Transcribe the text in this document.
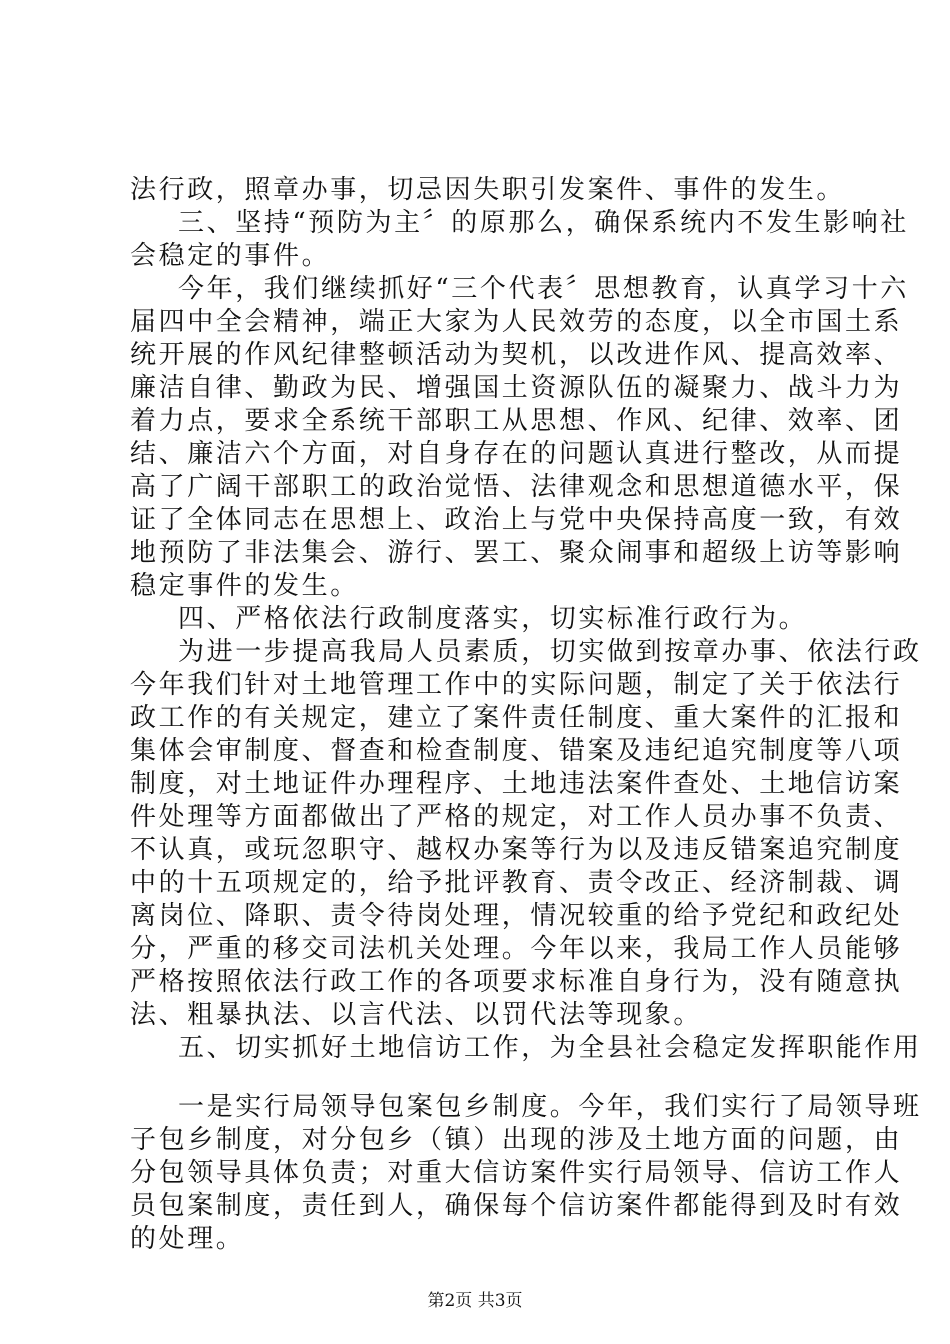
法行政，照章办事，切忌因失职引发案件、事件的发生。
三、坚持“预防为主〞的原那么，确保系统内不发生影响社
会稳定的事件。
今年，我们继续抓好“三个代表〞思想教育，认真学习十六
届四中全会精神，端正大家为人民效劳的态度，以全市国土系
统开展的作风纪律整顿活动为契机，以改进作风、提高效率、
廉洁自律、勤政为民、增强国土资源队伍的凝聚力、战斗力为
着力点，要求全系统干部职工从思想、作风、纪律、效率、团
结、廉洁六个方面，对自身存在的问题认真进行整改，从而提
高了广阔干部职工的政治觉悟、法律观念和思想道德水平，保
证了全体同志在思想上、政治上与党中央保持高度一致，有效
地预防了非法集会、游行、罢工、聚众闹事和超级上访等影响
稳定事件的发生。
四、严格依法行政制度落实，切实标准行政行为。
为进一步提高我局人员素质，切实做到按章办事、依法行政
今年我们针对土地管理工作中的实际问题，制定了关于依法行
政工作的有关规定，建立了案件责任制度、重大案件的汇报和
集体会审制度、督查和检查制度、错案及违纪追究制度等八项
制度，对土地证件办理程序、土地违法案件查处、土地信访案
件处理等方面都做出了严格的规定，对工作人员办事不负责、
不认真，或玩忽职守、越权办案等行为以及违反错案追究制度
中的十五项规定的，给予批评教育、责令改正、经济制裁、调
离岗位、降职、责令待岗处理，情况较重的给予党纪和政纪处
分，严重的移交司法机关处理。今年以来，我局工作人员能够
严格按照依法行政工作的各项要求标准自身行为，没有随意执
法、粗暴执法、以言代法、以罚代法等现象。
五、切实抓好土地信访工作，为全县社会稳定发挥职能作用
一是实行局领导包案包乡制度。今年，我们实行了局领导班
子包乡制度，对分包乡（镇）出现的涉及土地方面的问题，由
分包领导具体负责；对重大信访案件实行局领导、信访工作人
员包案制度，责任到人，确保每个信访案件都能得到及时有效
的处理。
第2页 共3页
